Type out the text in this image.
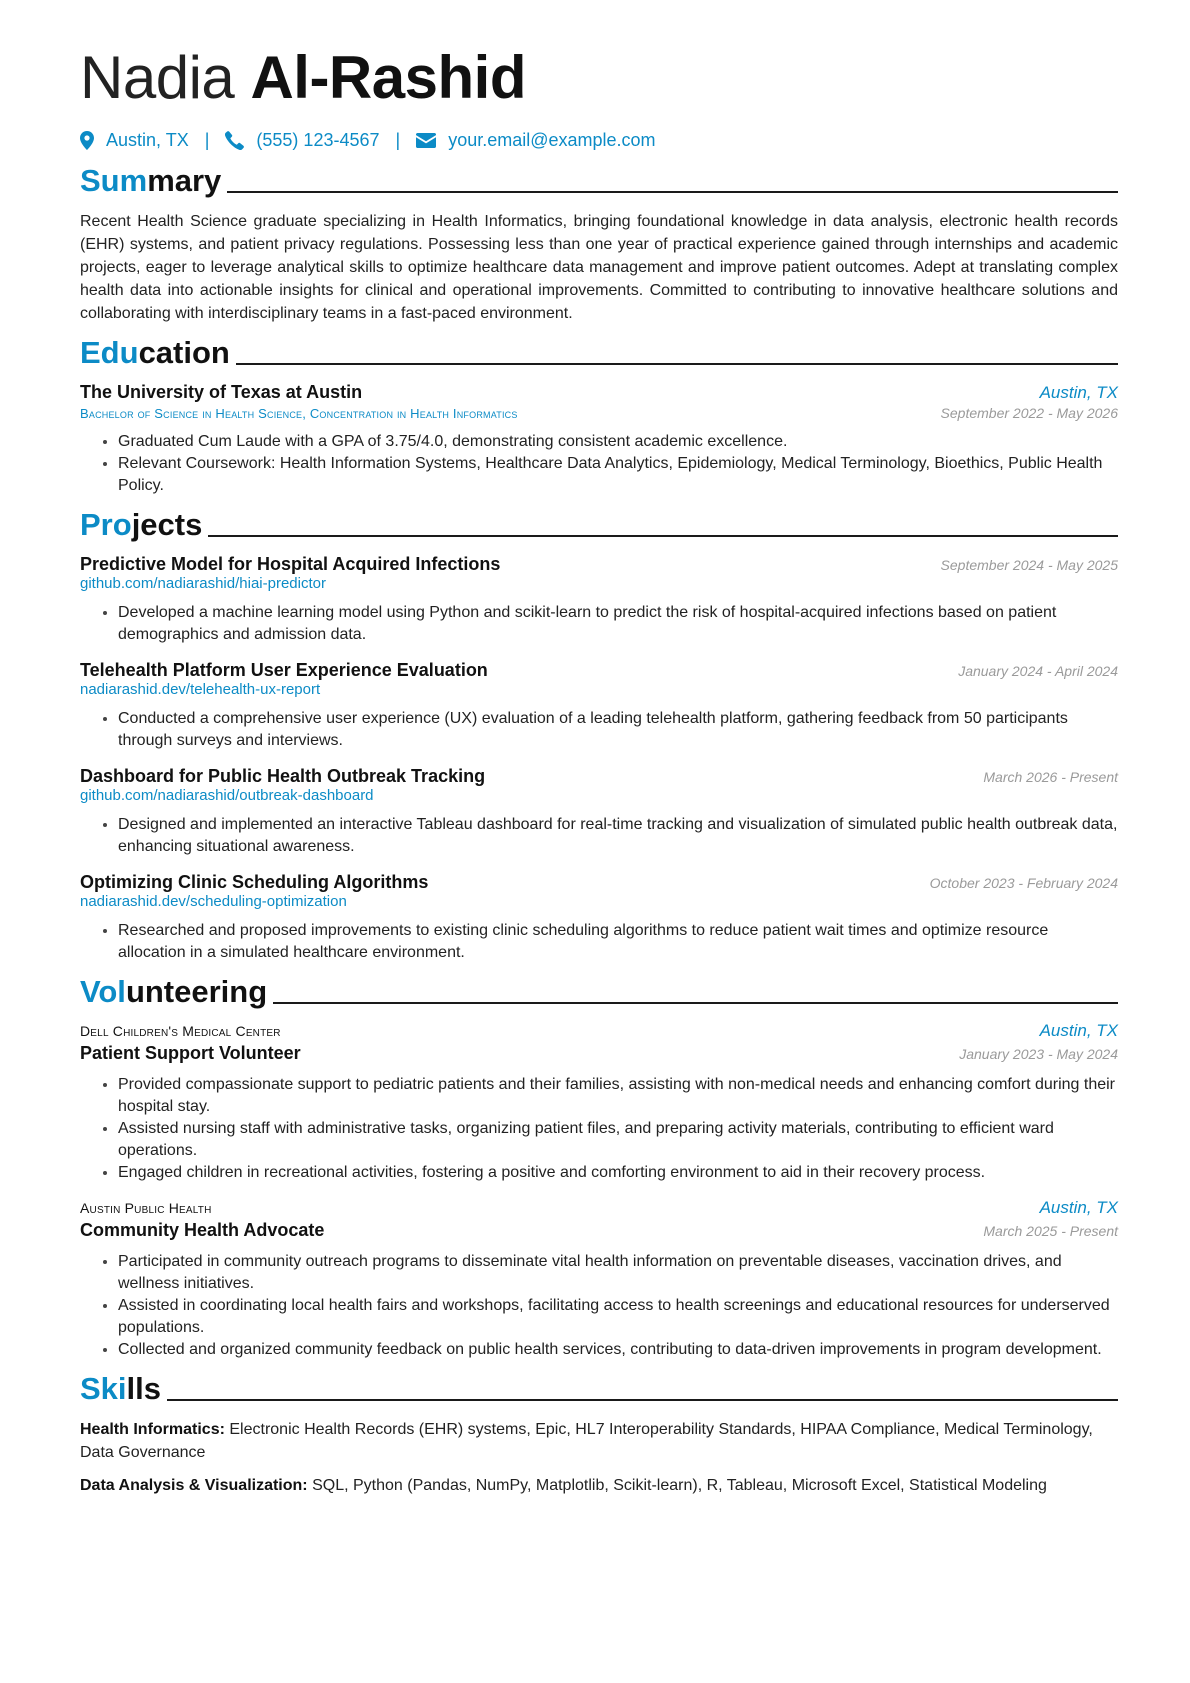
Nadia Al-Rashid
Austin, TX |	(555) 123-4567 |	your.email@example.com
Summary
Recent Health Science graduate specializing in Health Informatics, bringing foundational knowledge in data analysis, electronic health records (EHR) systems, and patient privacy regulations. Possessing less than one year of practical experience gained through internships and academic projects, eager to leverage analytical skills to optimize healthcare data management and improve patient outcomes. Adept at translating complex health data into actionable insights for clinical and operational improvements. Committed to contributing to innovative healthcare solutions and collaborating with interdisciplinary teams in a fast-paced environment.
Education
The University of Texas at Austin	Austin, TX
Bachelor of Science in Health Science, Concentration in Health Informatics	September 2022 - May 2026
• Graduated Cum Laude with a GPA of 3.75/4.0, demonstrating consistent academic excellence.
• Relevant Coursework: Health Information Systems, Healthcare Data Analytics, Epidemiology, Medical Terminology, Bioethics, Public Health Policy.
Projects
Predictive Model for Hospital Acquired Infections	September 2024 - May 2025
github.com/nadiarashid/hiai-predictor
• Developed a machine learning model using Python and scikit-learn to predict the risk of hospital-acquired infections based on patient demographics and admission data.
Telehealth Platform User Experience Evaluation	January 2024 - April 2024
nadiarashid.dev/telehealth-ux-report
• Conducted a comprehensive user experience (UX) evaluation of a leading telehealth platform, gathering feedback from 50 participants through surveys and interviews.
Dashboard for Public Health Outbreak Tracking	March 2026 - Present
github.com/nadiarashid/outbreak-dashboard
• Designed and implemented an interactive Tableau dashboard for real-time tracking and visualization of simulated public health outbreak data, enhancing situational awareness.
Optimizing Clinic Scheduling Algorithms	October 2023 - February 2024
nadiarashid.dev/scheduling-optimization
• Researched and proposed improvements to existing clinic scheduling algorithms to reduce patient wait times and optimize resource allocation in a simulated healthcare environment.
Volunteering
Dell Children's Medical Center	Austin, TX
Patient Support Volunteer	January 2023 - May 2024
• Provided compassionate support to pediatric patients and their families, assisting with non-medical needs and enhancing comfort during their hospital stay.
• Assisted nursing staff with administrative tasks, organizing patient files, and preparing activity materials, contributing to efficient ward operations.
• Engaged children in recreational activities, fostering a positive and comforting environment to aid in their recovery process.
Austin Public Health	Austin, TX
Community Health Advocate	March 2025 - Present
• Participated in community outreach programs to disseminate vital health information on preventable diseases, vaccination drives, and wellness initiatives.
• Assisted in coordinating local health fairs and workshops, facilitating access to health screenings and educational resources for underserved populations.
• Collected and organized community feedback on public health services, contributing to data-driven improvements in program development.
Skills
Health Informatics: Electronic Health Records (EHR) systems, Epic, HL7 Interoperability Standards, HIPAA Compliance, Medical Terminology, Data Governance
Data Analysis & Visualization: SQL, Python (Pandas, NumPy, Matplotlib, Scikit-learn), R, Tableau, Microsoft Excel, Statistical Modeling
